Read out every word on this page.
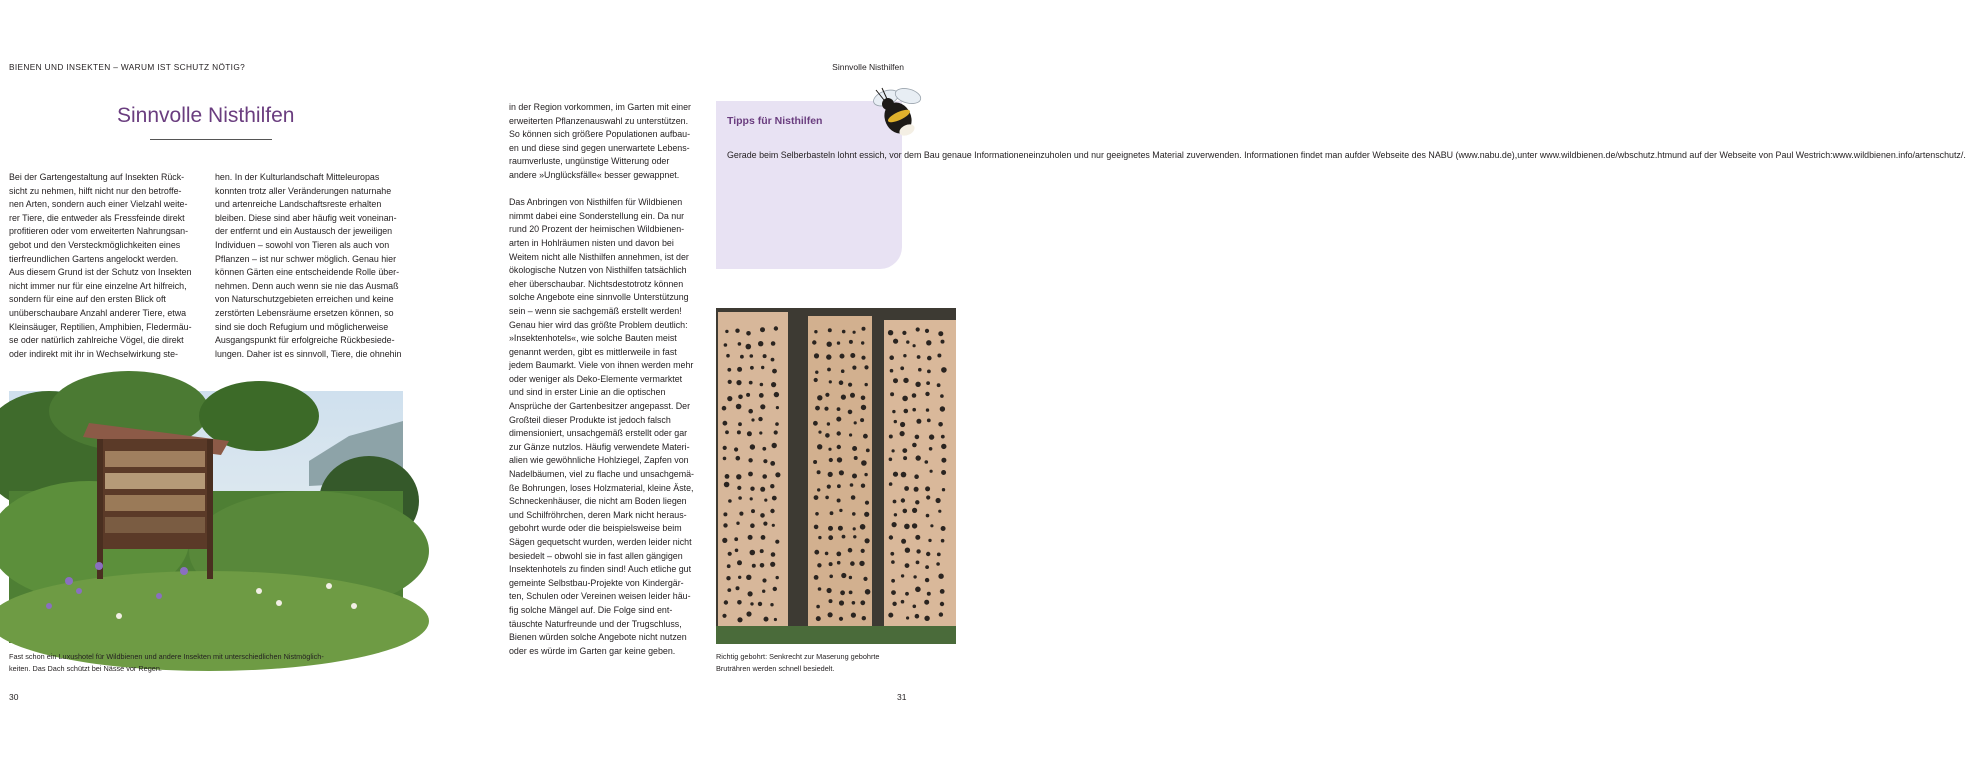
BIENEN UND INSEKTEN – WARUM IST SCHUTZ NÖTIG?	Sinnvolle Nisthilfen
Sinnvolle Nisthilfen
Bei der Gartengestaltung auf Insekten Rück-
sicht zu nehmen, hilft nicht nur den betroffe-
nen Arten, sondern auch einer Vielzahl weite-
rer Tiere, die entweder als Fressfeinde direkt
profitieren oder vom erweiterten Nahrungsan-
gebot und den Versteckmöglichkeiten eines
tierfreundlichen Gartens angelockt werden.
Aus diesem Grund ist der Schutz von Insekten
nicht immer nur für eine einzelne Art hilfreich,
sondern für eine auf den ersten Blick oft
unüberschaubare Anzahl anderer Tiere, etwa
Kleinsäuger, Reptilien, Amphibien, Fledermäu-
se oder natürlich zahlreiche Vögel, die direkt
oder indirekt mit ihr in Wechselwirkung ste-
hen. In der Kulturlandschaft Mitteleuropas
konnten trotz aller Veränderungen naturnahe
und artenreiche Landschaftsreste erhalten
bleiben. Diese sind aber häufig weit voneinan-
der entfernt und ein Austausch der jeweiligen
Individuen – sowohl von Tieren als auch von
Pflanzen – ist nur schwer möglich. Genau hier
können Gärten eine entscheidende Rolle über-
nehmen. Denn auch wenn sie nie das Ausmaß
von Naturschutzgebieten erreichen und keine
zerstörten Lebensräume ersetzen können, so
sind sie doch Refugium und möglicherweise
Ausgangspunkt für erfolgreiche Rückbesiede-
lungen. Daher ist es sinnvoll, Tiere, die ohnehin
in der Region vorkommen, im Garten mit einer
erweiterten Pflanzenauswahl zu unterstützen.
So können sich größere Populationen aufbau-
en und diese sind gegen unerwartete Lebens-
raumverluste, ungünstige Witterung oder
andere »Unglücksfälle« besser gewappnet.

Das Anbringen von Nisthilfen für Wildbienen
nimmt dabei eine Sonderstellung ein. Da nur
rund 20 Prozent der heimischen Wildbienen-
arten in Hohlräumen nisten und davon bei
Weitem nicht alle Nisthilfen annehmen, ist der
ökologische Nutzen von Nisthilfen tatsächlich
eher überschaubar. Nichtsdestotrotz können
solche Angebote eine sinnvolle Unterstützung
sein – wenn sie sachgemäß erstellt werden!
Genau hier wird das größte Problem deutlich:
»Insektenhotels«, wie solche Bauten meist
genannt werden, gibt es mittlerweile in fast
jedem Baumarkt. Viele von ihnen werden mehr
oder weniger als Deko-Elemente vermarktet
und sind in erster Linie an die optischen
Ansprüche der Gartenbesitzer angepasst. Der
Großteil dieser Produkte ist jedoch falsch
dimensioniert, unsachgemäß erstellt oder gar
zur Gänze nutzlos. Häufig verwendete Materi-
alien wie gewöhnliche Hohlziegel, Zapfen von
Nadelbäumen, viel zu flache und unsachgemä-
ße Bohrungen, loses Holzmaterial, kleine Äste,
Schneckenhäuser, die nicht am Boden liegen
und Schilfröhrchen, deren Mark nicht heraus-
gebohrt wurde oder die beispielsweise beim
Sägen gequetscht wurden, werden leider nicht
besiedelt – obwohl sie in fast allen gängigen
Insektenhotels zu finden sind! Auch etliche gut
gemeinte Selbstbau-Projekte von Kindergär-
ten, Schulen oder Vereinen weisen leider häu-
fig solche Mängel auf. Die Folge sind ent-
täuschte Naturfreunde und der Trugschluss,
Bienen würden solche Angebote nicht nutzen
oder es würde im Garten gar keine geben.
Fast schon ein Luxushotel für Wildbienen und andere Insekten mit unterschiedlichen Nistmöglich-
keiten. Das Dach schützt bei Nässe vor Regen.
Richtig gebohrt: Senkrecht zur Maserung gebohrte
Bruträhren werden schnell besiedelt.
Tipps für Nisthilfen
Gerade beim Selberbasteln lohnt essich, vor dem Bau genaue Informationeneinzuholen und nur geeignetes Material zuverwenden. Informationen findet man aufder Webseite des NABU (www.nabu.de),unter www.wildbienen.de/wbschutz.htmund auf der Webseite von Paul Westrich:www.wildbienen.info/artenschutz/.
30	31
